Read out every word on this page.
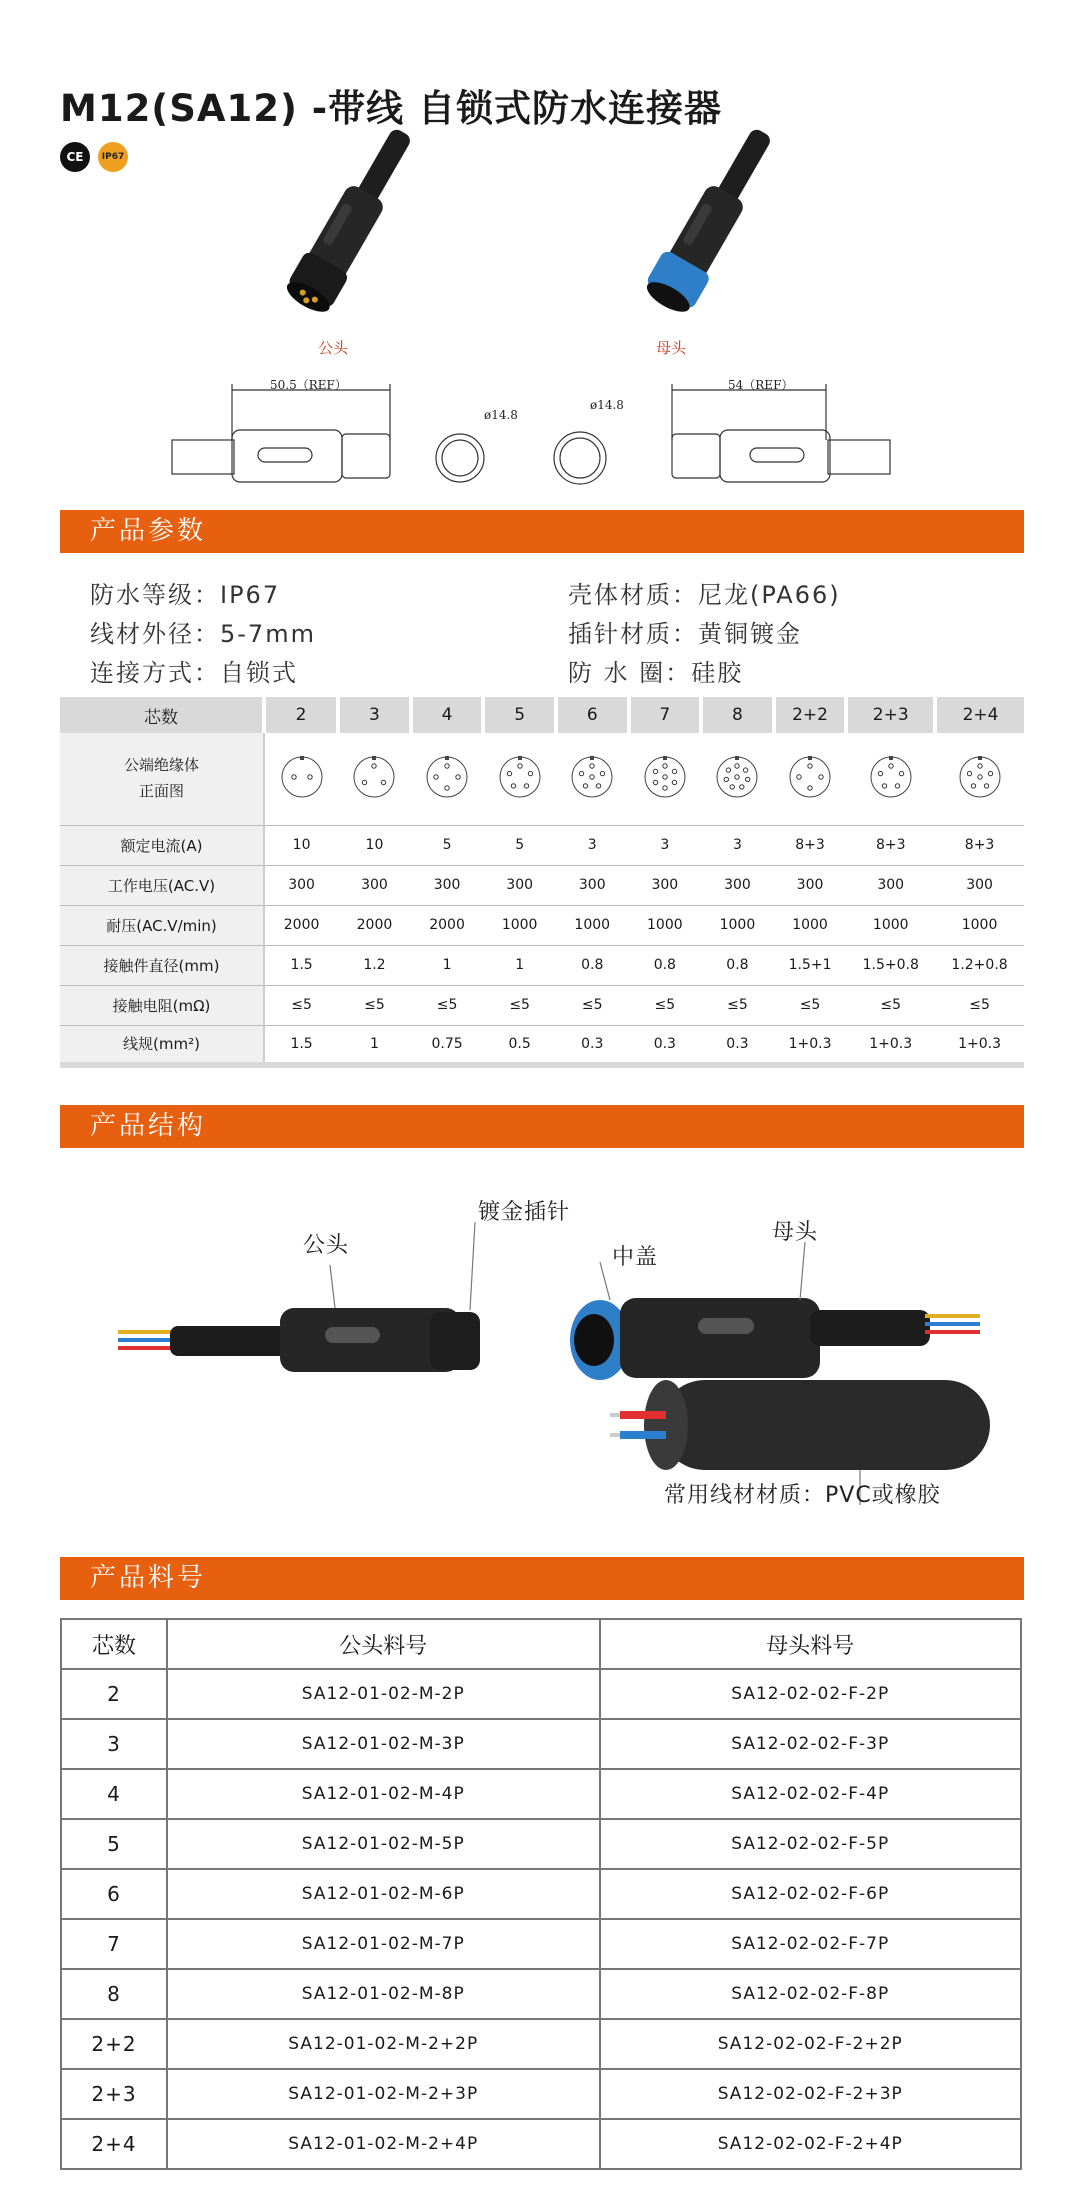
M12(SA12) -带线 自锁式防水连接器
CE	IP67
公头	母头
50.5（REF）
ø14.8
ø14.8
54（REF）
产品参数
防水等级：IP67
线材外径：5-7mm
连接方式：自锁式
壳体材质：尼龙(PA66)
插针材质：黄铜镀金
防 水 圈：硅胶
芯数	2	3	4	5	6	7	8	2+2	2+3	2+4
公端绝缘体
正面图										
额定电流(A)	10	10	5	5	3	3	3	8+3	8+3	8+3
工作电压(AC.V)	300	300	300	300	300	300	300	300	300	300
耐压(AC.V/min)	2000	2000	2000	1000	1000	1000	1000	1000	1000	1000
接触件直径(mm)	1.5	1.2	1	1	0.8	0.8	0.8	1.5+1	1.5+0.8	1.2+0.8
接触电阻(mΩ)	≤5	≤5	≤5	≤5	≤5	≤5	≤5	≤5	≤5	≤5
线规(mm²)	1.5	1	0.75	0.5	0.3	0.3	0.3	1+0.3	1+0.3	1+0.3
产品结构
公头
镀金插针
中盖
母头
常用线材材质：PVC或橡胶
产品料号
芯数	公头料号	母头料号
2	SA12-01-02-M-2P	SA12-02-02-F-2P
3	SA12-01-02-M-3P	SA12-02-02-F-3P
4	SA12-01-02-M-4P	SA12-02-02-F-4P
5	SA12-01-02-M-5P	SA12-02-02-F-5P
6	SA12-01-02-M-6P	SA12-02-02-F-6P
7	SA12-01-02-M-7P	SA12-02-02-F-7P
8	SA12-01-02-M-8P	SA12-02-02-F-8P
2+2	SA12-01-02-M-2+2P	SA12-02-02-F-2+2P
2+3	SA12-01-02-M-2+3P	SA12-02-02-F-2+3P
2+4	SA12-01-02-M-2+4P	SA12-02-02-F-2+4P
